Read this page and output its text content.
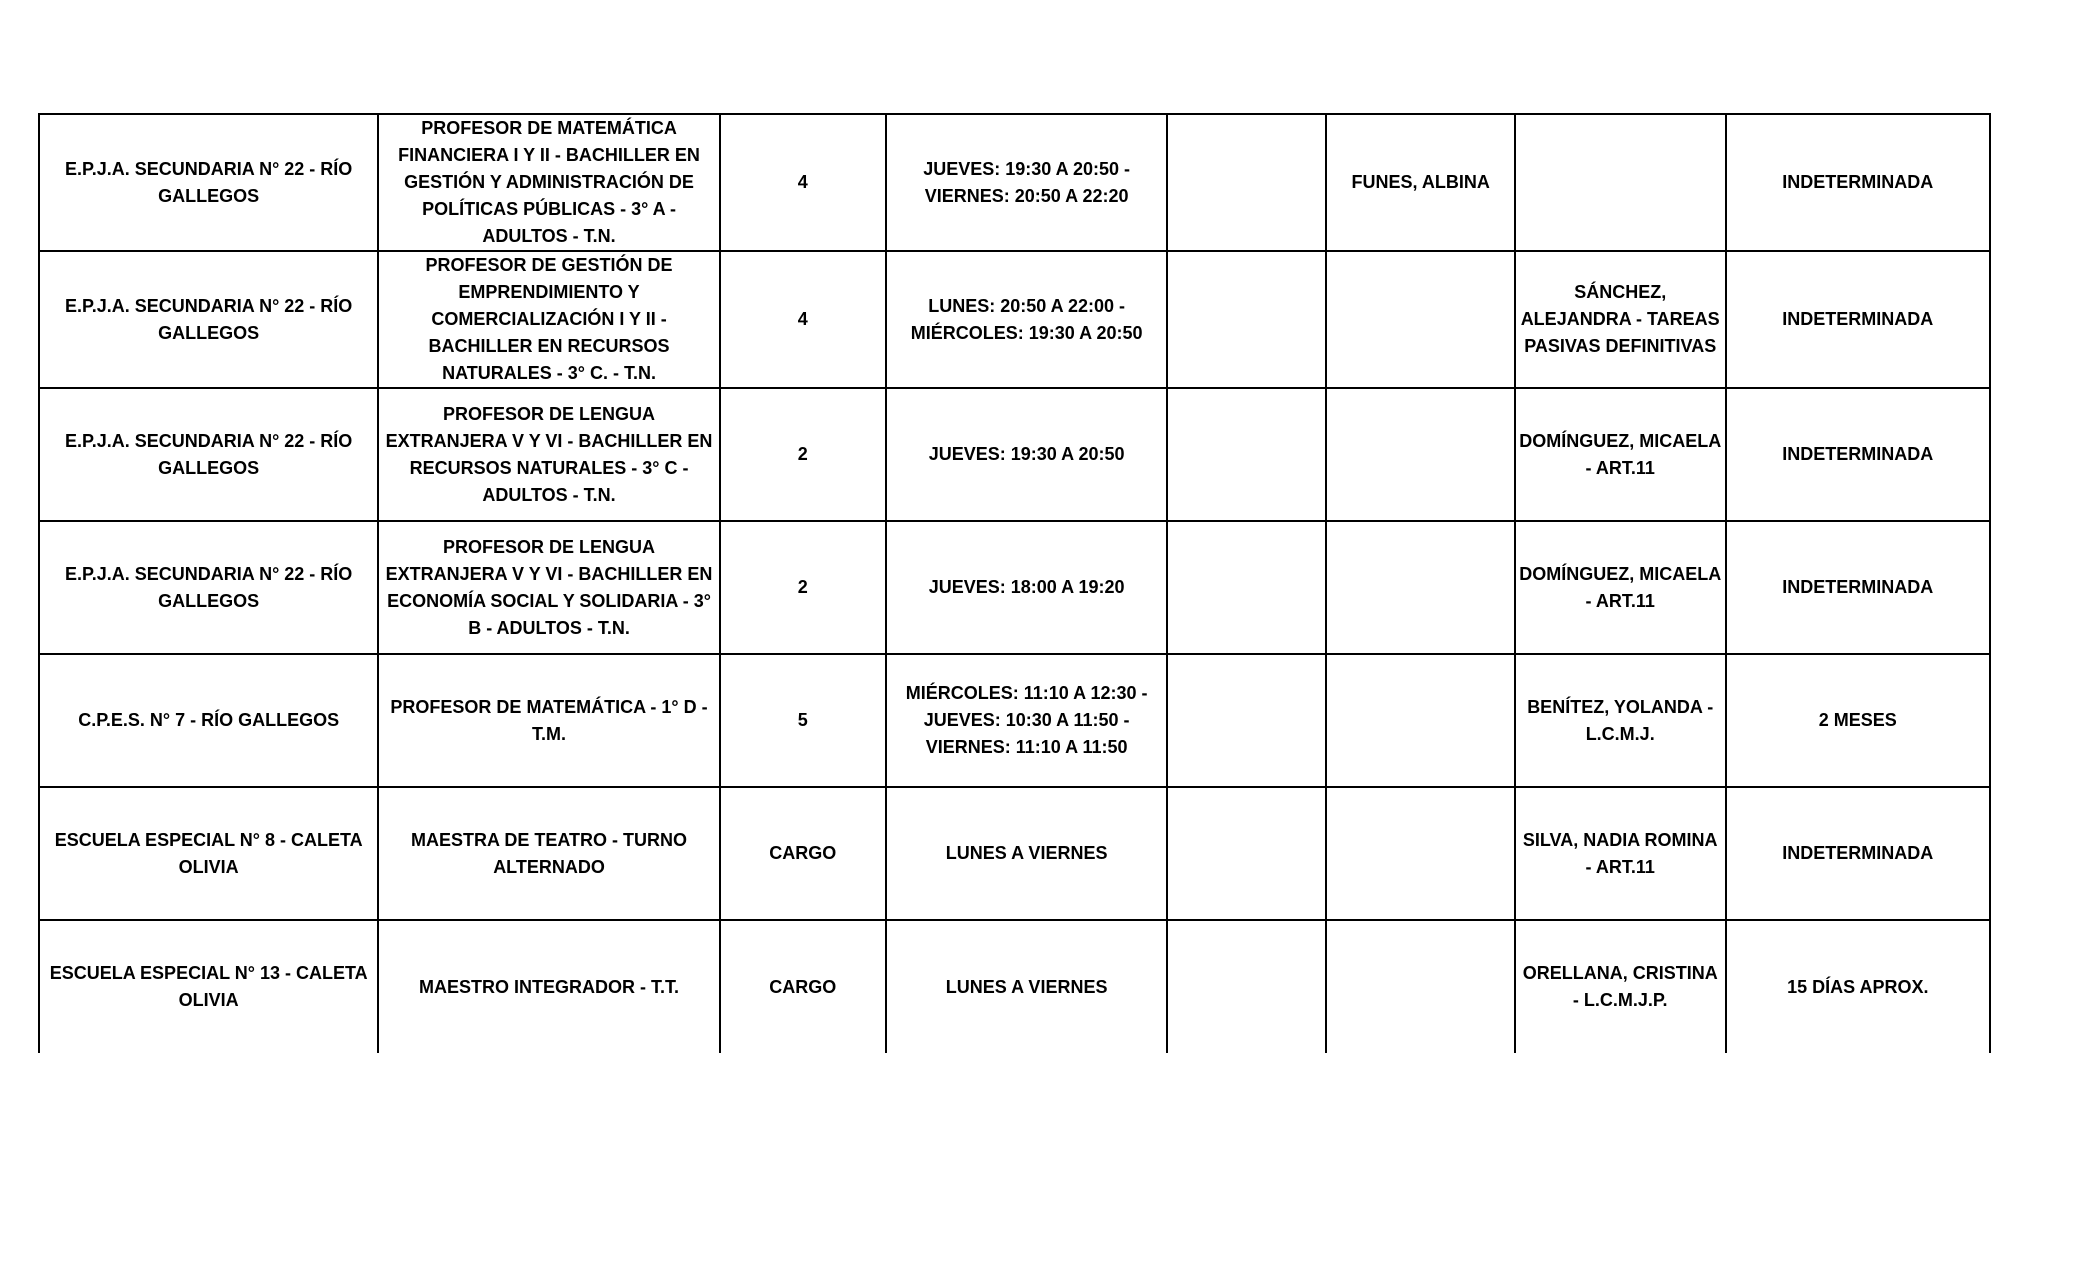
E.P.J.A. SECUNDARIA N° 22 - RÍO GALLEGOS	PROFESOR DE MATEMÁTICA FINANCIERA I Y II - BACHILLER EN GESTIÓN Y ADMINISTRACIÓN DE POLÍTICAS PÚBLICAS - 3° A - ADULTOS - T.N.	4	JUEVES: 19:30 A 20:50 - VIERNES: 20:50 A 22:20		FUNES, ALBINA		INDETERMINADA
E.P.J.A. SECUNDARIA N° 22 - RÍO GALLEGOS	PROFESOR DE GESTIÓN DE EMPRENDIMIENTO Y COMERCIALIZACIÓN I Y II - BACHILLER EN RECURSOS NATURALES - 3° C. - T.N.	4	LUNES: 20:50 A 22:00 - MIÉRCOLES: 19:30 A 20:50			SÁNCHEZ, ALEJANDRA - TAREAS PASIVAS DEFINITIVAS	INDETERMINADA
E.P.J.A. SECUNDARIA N° 22 - RÍO GALLEGOS	PROFESOR DE LENGUA EXTRANJERA V Y VI - BACHILLER EN RECURSOS NATURALES - 3° C - ADULTOS - T.N.	2	JUEVES: 19:30 A 20:50			DOMÍNGUEZ, MICAELA - ART.11	INDETERMINADA
E.P.J.A. SECUNDARIA N° 22 - RÍO GALLEGOS	PROFESOR DE LENGUA EXTRANJERA V Y VI - BACHILLER EN ECONOMÍA SOCIAL Y SOLIDARIA - 3° B - ADULTOS - T.N.	2	JUEVES: 18:00 A 19:20			DOMÍNGUEZ, MICAELA - ART.11	INDETERMINADA
C.P.E.S. N° 7 - RÍO GALLEGOS	PROFESOR DE MATEMÁTICA - 1° D - T.M.	5	MIÉRCOLES: 11:10 A 12:30 - JUEVES: 10:30 A 11:50 - VIERNES: 11:10 A 11:50			BENÍTEZ, YOLANDA - L.C.M.J.	2 MESES
ESCUELA ESPECIAL N° 8 - CALETA OLIVIA	MAESTRA DE TEATRO - TURNO ALTERNADO	CARGO	LUNES A VIERNES			SILVA, NADIA ROMINA - ART.11	INDETERMINADA
ESCUELA ESPECIAL N° 13 - CALETA OLIVIA	MAESTRO INTEGRADOR - T.T.	CARGO	LUNES A VIERNES			ORELLANA, CRISTINA - L.C.M.J.P.	15 DÍAS APROX.
